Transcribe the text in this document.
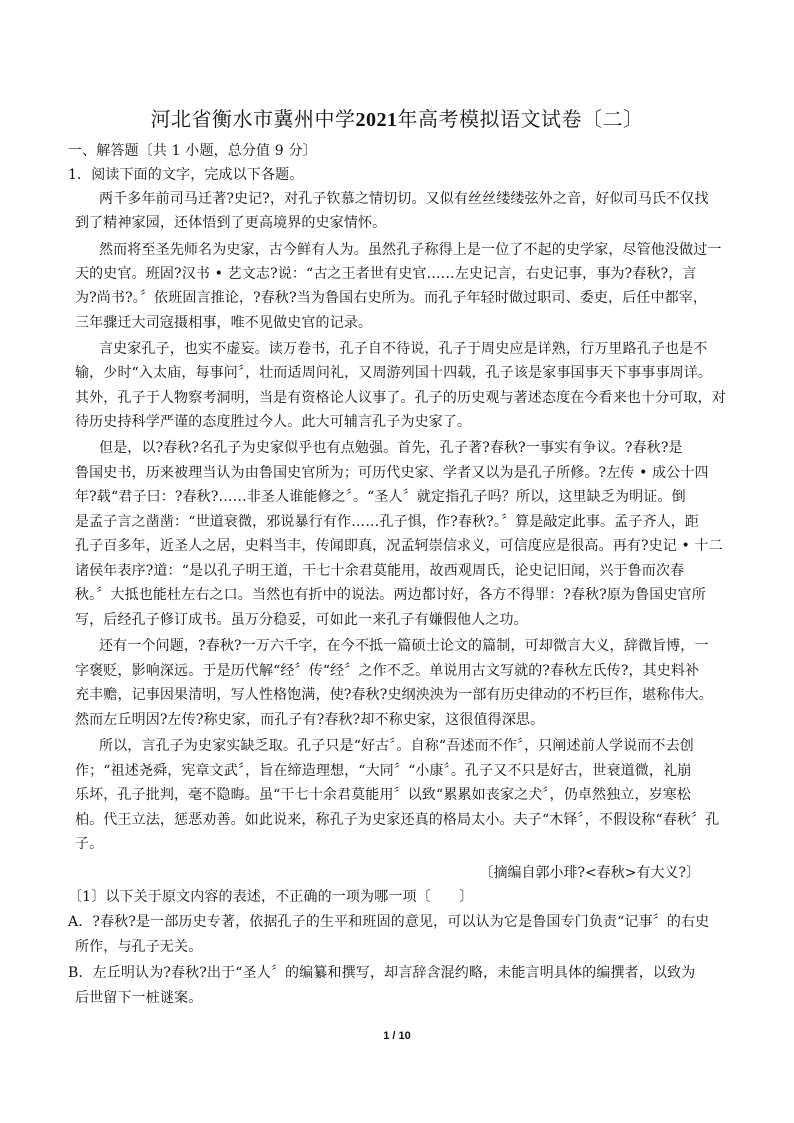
河北省衡水市冀州中学2021年高考模拟语文试卷〔二〕
一、解答题〔共 1 小题，总分值 9 分〕
1．阅读下面的文字，完成以下各题。
两千多年前司马迁著?史记?，对孔子钦慕之情切切。又似有丝丝缕缕弦外之音，好似司马氏不仅找
到了精神家园，还体悟到了更高境界的史家情怀。
然而将至圣先师名为史家，古今鲜有人为。虽然孔子称得上是一位了不起的史学家，尽管他没做过一
天的史官。班固?汉书 • 艺文志?说：“古之王者世有史官……左史记言，右史记事，事为?春秋?，言
为?尚书?。〞依班固言推论，?春秋?当为鲁国右史所为。而孔子年轻时做过职司、委吏，后任中都宰，
三年骤迁大司寇摄相事，唯不见做史官的记录。
言史家孔子，也实不虚妄。读万卷书，孔子自不待说，孔子于周史应是详熟，行万里路孔子也是不
输，少时“入太庙，每事问〞，壮而适周问礼，又周游列国十四载，孔子该是家事国事天下事事事周详。
其外，孔子于人物察考洞明，当是有资格论人议事了。孔子的历史观与著述态度在今看来也十分可取，对
待历史持科学严谨的态度胜过今人。此大可辅言孔子为史家了。
但是，以?春秋?名孔子为史家似乎也有点勉强。首先，孔子著?春秋?一事实有争议。?春秋?是
鲁国史书，历来被理当认为由鲁国史官所为；可历代史家、学者又以为是孔子所修。?左传 • 成公十四
年?载“君子曰：?春秋?……非圣人谁能修之〞。“圣人〞就定指孔子吗？所以，这里缺乏为明证。倒
是孟子言之凿凿：“世道衰微，邪说暴行有作……孔子惧，作?春秋?。〞算是敲定此事。孟子齐人，距
孔子百多年，近圣人之居，史料当丰，传闻即真，况孟轲崇信求义，可信度应是很高。再有?史记 • 十二
诸侯年表序?道：“是以孔子明王道，干七十余君莫能用，故西观周氏，论史记旧闻，兴于鲁而次春
秋。〞大抵也能杜左右之口。当然也有折中的说法。两边都讨好，各方不得罪：?春秋?原为鲁国史官所
写，后经孔子修订成书。虽万分稳妥，可如此一来孔子有嫌假他人之功。
还有一个问题，?春秋?一万六千字，在今不抵一篇硕士论文的篇制，可却微言大义，辞微旨博，一
字褒贬，影响深远。于是历代解“经〞传“经〞之作不乏。单说用古文写就的?春秋左氏传?，其史料补
充丰赡，记事因果清明，写人性格饱满，使?春秋?史纲泱泱为一部有历史律动的不朽巨作，堪称伟大。
然而左丘明因?左传?称史家，而孔子有?春秋?却不称史家，这很值得深思。
所以，言孔子为史家实缺乏取。孔子只是“好古〞。自称“吾述而不作〞，只阐述前人学说而不去创
作；“祖述尧舜，宪章文武〞，旨在缔造理想，“大同〞“小康〞。孔子又不只是好古，世衰道微，礼崩
乐坏，孔子批判，毫不隐晦。虽“干七十余君莫能用〞以致“累累如丧家之犬〞，仍卓然独立，岁寒松
柏。代王立法，惩恶劝善。如此说来，称孔子为史家还真的格局太小。夫子“木铎〞，不假设称“春秋〞孔
子。
〔摘编自郭小琲?<春秋>有大义?〕
〔1〕以下关于原文内容的表述，不正确的一项为哪一项〔　　〕
A．?春秋?是一部历史专著，依据孔子的生平和班固的意见，可以认为它是鲁国专门负责“记事〞的右史
所作，与孔子无关。
B．左丘明认为?春秋?出于“圣人〞的编纂和撰写，却言辞含混约略，未能言明具体的编撰者，以致为
后世留下一桩谜案。
1 / 10
